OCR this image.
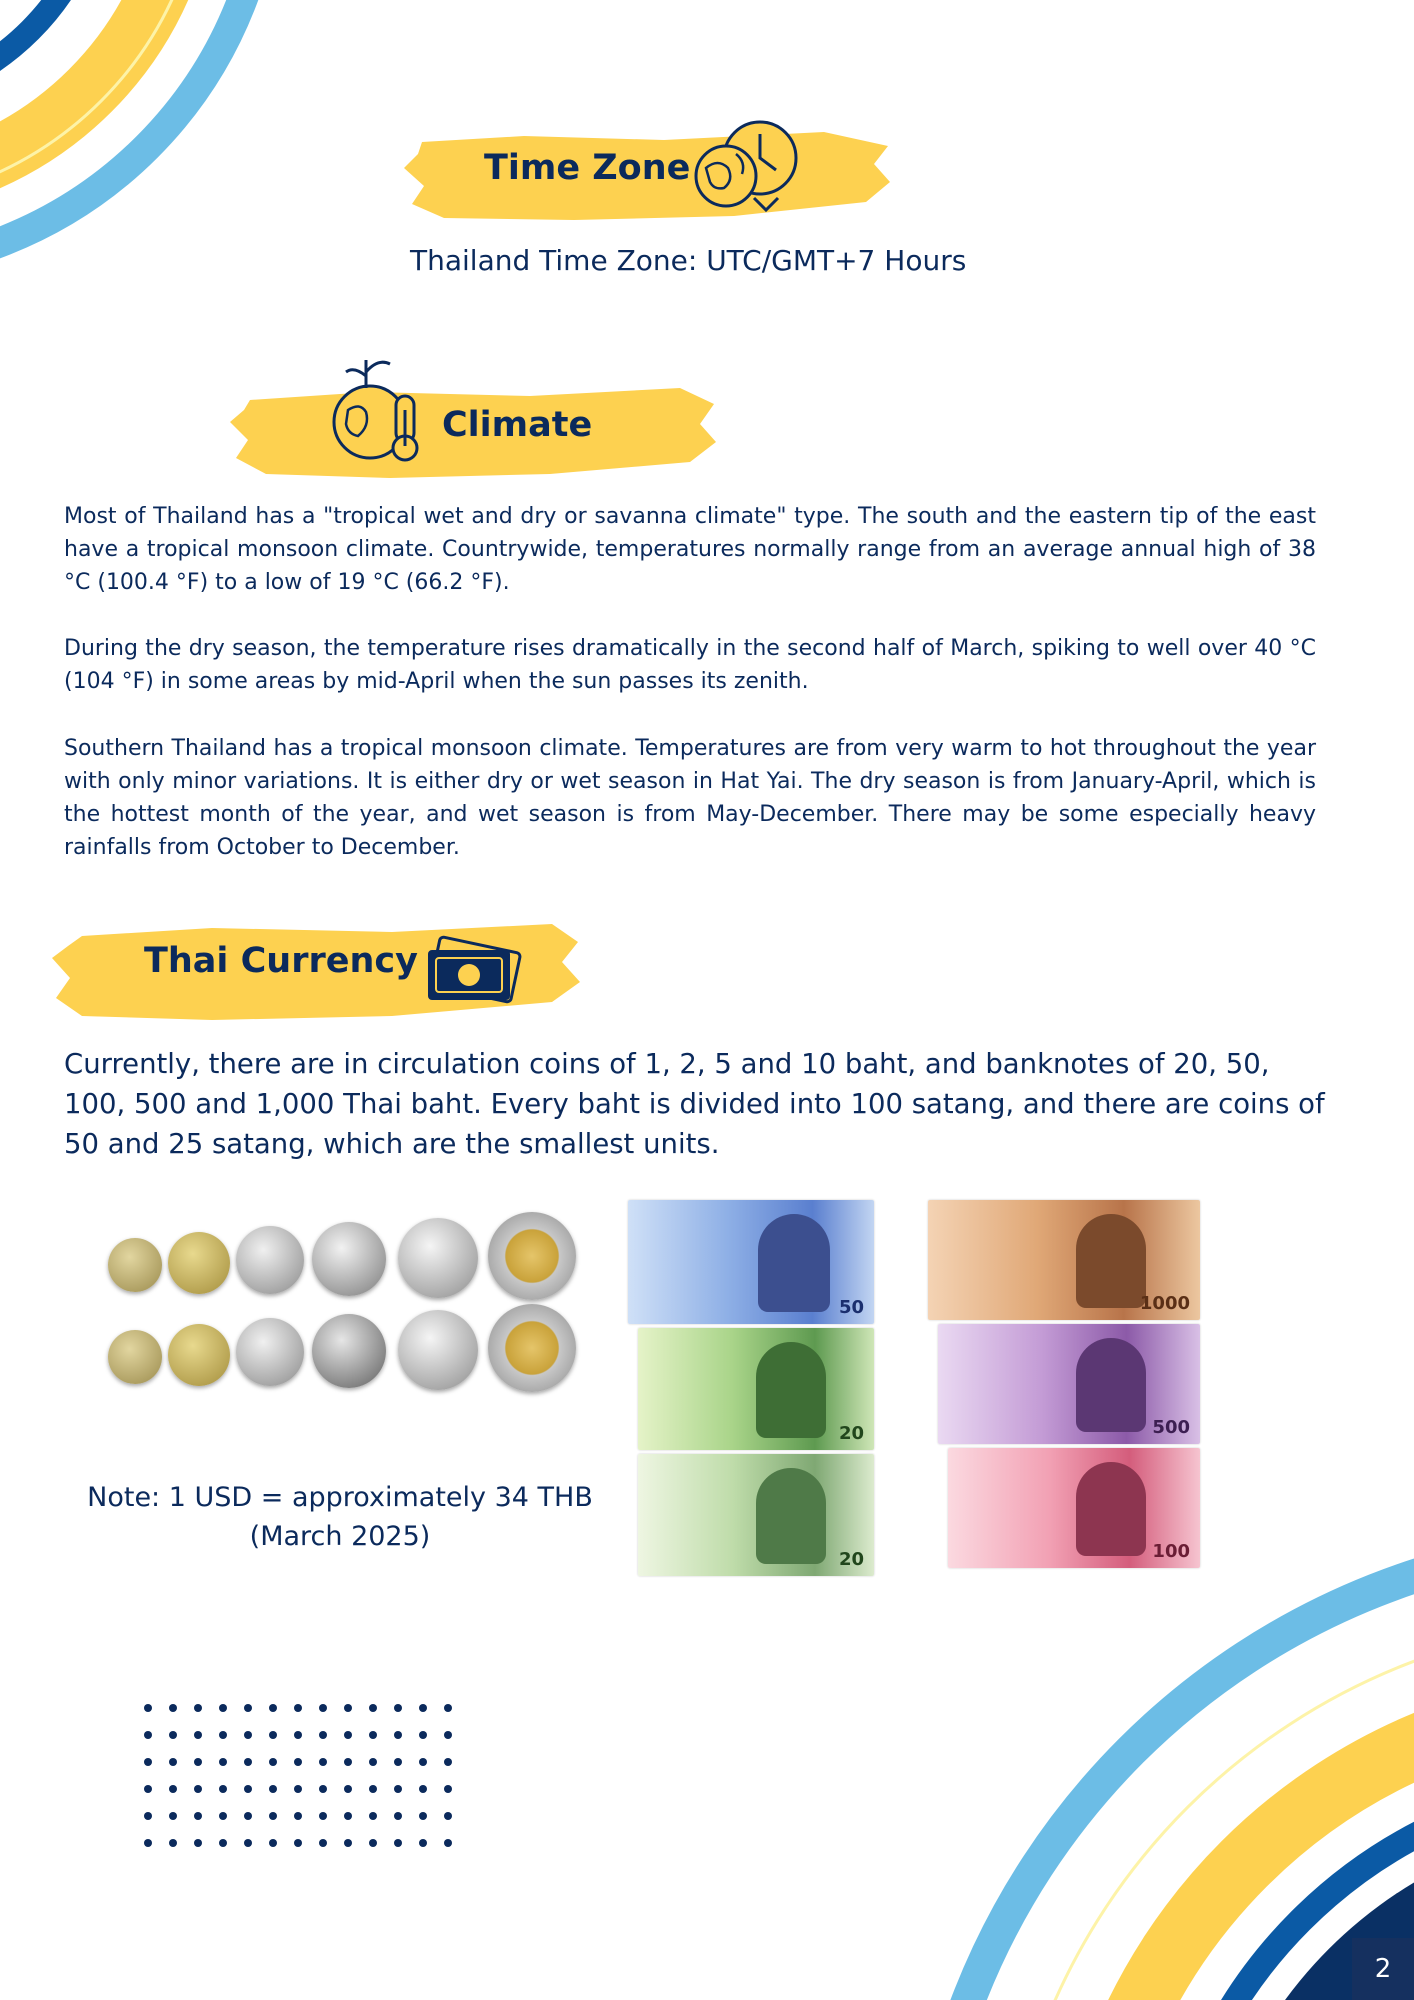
Time Zone
Thailand Time Zone: UTC/GMT+7 Hours
Climate

Most of Thailand has a "tropical wet and dry or savanna climate" type. The south and the eastern tip of the east have a tropical monsoon climate. Countrywide, temperatures normally range from an average annual high of 38 °C (100.4 °F) to a low of 19 °C (66.2 °F).

During the dry season, the temperature rises dramatically in the second half of March, spiking to well over 40 °C (104 °F) in some areas by mid-April when the sun passes its zenith.

Southern Thailand has a tropical monsoon climate. Temperatures are from very warm to hot throughout the year with only minor variations. It is either dry or wet season in Hat Yai. The dry season is from January-April, which is the hottest month of the year, and wet season is from May-December. There may be some especially heavy rainfalls from October to December.

Thai Currency

Currently, there are in circulation coins of 1, 2, 5 and 10 baht, and banknotes of 20, 50, 100, 500 and 1,000 Thai baht. Every baht is divided into 100 satang, and there are coins of 50 and 25 satang, which are the smallest units.

Note: 1 USD = approximately 34 THB
(March 2025)
50
20
20
1000
500
100
2
